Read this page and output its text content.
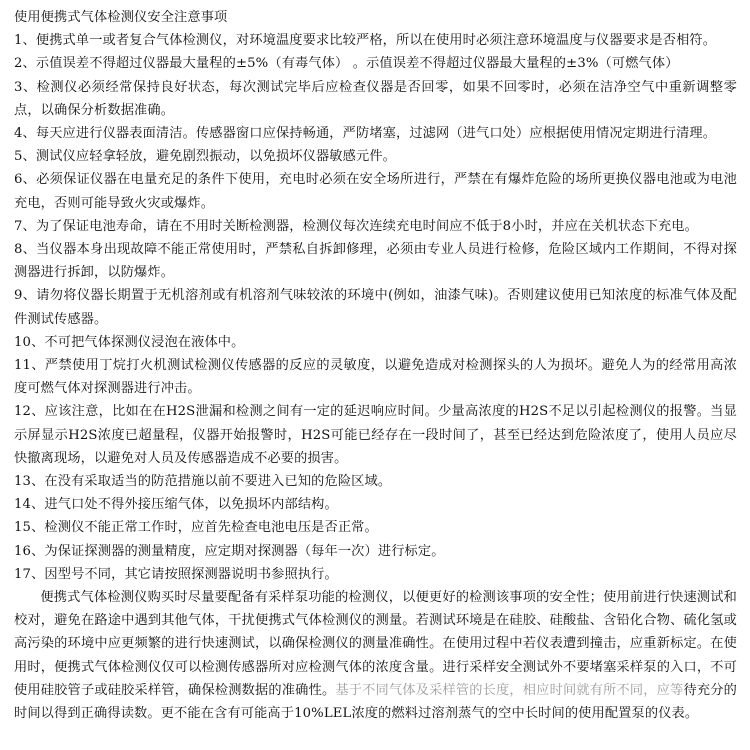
使用便携式气体检测仪安全注意事项

1、便携式单一或者复合气体检测仪，对环境温度要求比较严格，所以在使用时必须注意环境温度与仪器要求是否相符。

2、示值误差不得超过仪器最大量程的±5%（有毒气体） 。示值误差不得超过仪器最大量程的±3%（可燃气体）

3、检测仪必须经常保持良好状态，每次测试完毕后应检查仪器是否回零，如果不回零时，必须在洁净空气中重新调整零点，以确保分析数据准确。

4、每天应进行仪器表面清洁。传感器窗口应保持畅通，严防堵塞，过滤网（进气口处）应根据使用情况定期进行清理。

5、测试仪应轻拿轻放，避免剧烈振动，以免损坏仪器敏感元件。

6、必须保证仪器在电量充足的条件下使用，充电时必须在安全场所进行，严禁在有爆炸危险的场所更换仪器电池或为电池充电，否则可能导致火灾或爆炸。

7、为了保证电池寿命，请在不用时关断检测器，检测仪每次连续充电时间应不低于8小时，并应在关机状态下充电。

8、当仪器本身出现故障不能正常使用时，严禁私自拆卸修理，必须由专业人员进行检修，危险区域内工作期间，不得对探测器进行拆卸，以防爆炸。

9、请勿将仪器长期置于无机溶剂或有机溶剂气味较浓的环境中(例如，油漆气味)。否则建议使用已知浓度的标准气体及配件测试传感器。

10、不可把气体探测仪浸泡在液体中。

11、严禁使用丁烷打火机测试检测仪传感器的反应的灵敏度，以避免造成对检测探头的人为损坏。避免人为的经常用高浓度可燃气体对探测器进行冲击。

12、应该注意，比如在在H2S泄漏和检测之间有一定的延迟响应时间。少量高浓度的H2S不足以引起检测仪的报警。当显示屏显示H2S浓度已超量程，仪器开始报警时，H2S可能已经存在一段时间了，甚至已经达到危险浓度了，使用人员应尽快撤离现场，以避免对人员及传感器造成不必要的损害。

13、在没有采取适当的防范措施以前不要进入已知的危险区域。

14、进气口处不得外接压缩气体，以免损坏内部结构。

15、检测仪不能正常工作时，应首先检查电池电压是否正常。

16、为保证探测器的测量精度，应定期对探测器（每年一次）进行标定。

17、因型号不同，其它请按照探测器说明书参照执行。

便携式气体检测仪购买时尽量要配备有采样泵功能的检测仪，以便更好的检测该事项的安全性；使用前进行快速测试和校对，避免在路途中遇到其他气体，干扰便携式气体检测仪的测量。若测试环境是在硅胶、硅酸盐、含铅化合物、硫化氢或高污染的环境中应更频繁的进行快速测试，以确保检测仪的测量准确性。在使用过程中若仪表遭到撞击，应重新标定。在使用时，便携式气体检测仪仅可以检测传感器所对应检测气体的浓度含量。进行采样安全测试外不要堵塞采样泵的入口，不可使用硅胶管子或硅胶采样管，确保检测数据的准确性。基于不同气体及采样管的长度，相应时间就有所不同，应等待充分的时间以得到正确得读数。更不能在含有可能高于10%LEL浓度的燃料过溶剂蒸气的空中长时间的使用配置泵的仪表。
